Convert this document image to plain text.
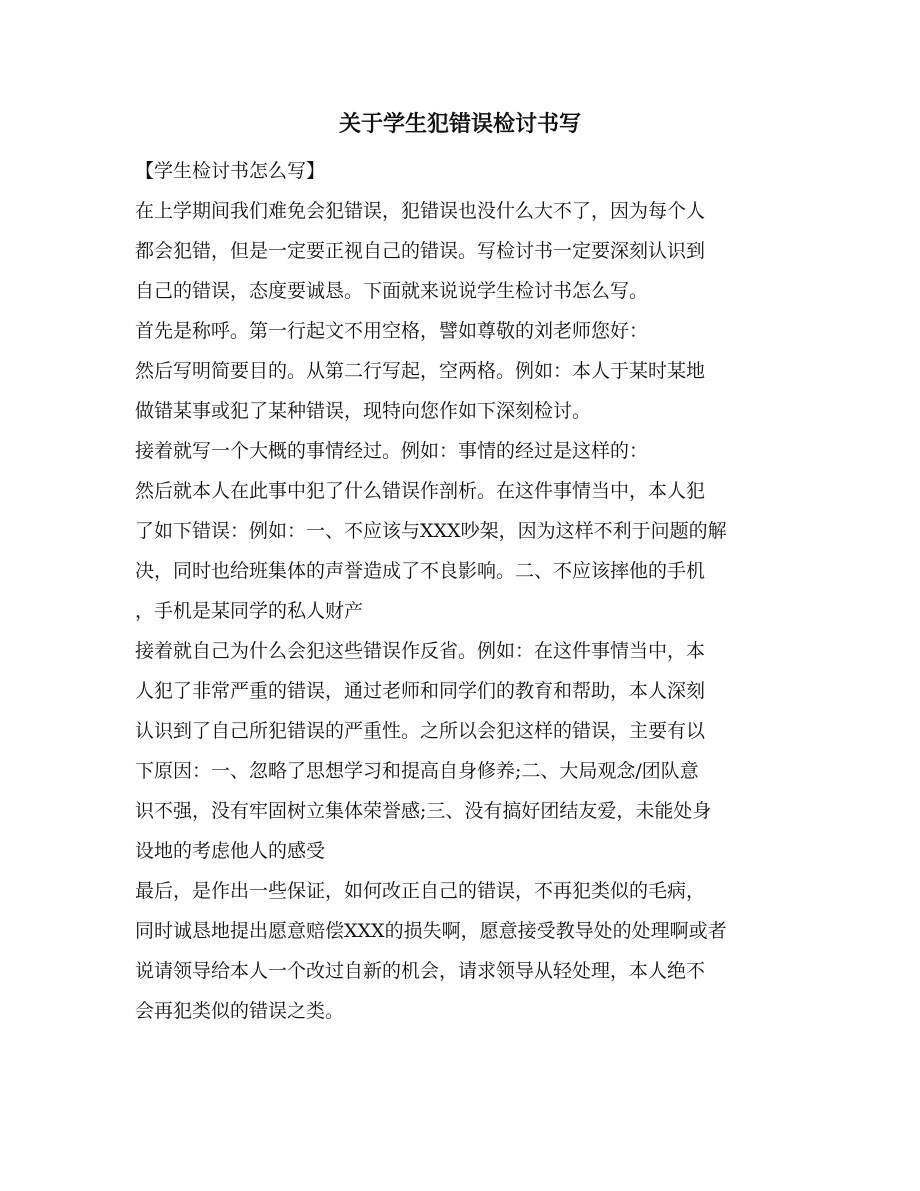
关于学生犯错误检讨书写

【学生检讨书怎么写】

在上学期间我们难免会犯错误，犯错误也没什么大不了，因为每个人
都会犯错，但是一定要正视自己的错误。写检讨书一定要深刻认识到
自己的错误，态度要诚恳。下面就来说说学生检讨书怎么写。

首先是称呼。第一行起文不用空格，譬如尊敬的刘老师您好：

然后写明简要目的。从第二行写起，空两格。例如：本人于某时某地
做错某事或犯了某种错误，现特向您作如下深刻检讨。

接着就写一个大概的事情经过。例如：事情的经过是这样的：

然后就本人在此事中犯了什么错误作剖析。在这件事情当中，本人犯
了如下错误：例如：一、不应该与XXX吵架，因为这样不利于问题的解
决，同时也给班集体的声誉造成了不良影响。二、不应该摔他的手机
，手机是某同学的私人财产

接着就自己为什么会犯这些错误作反省。例如：在这件事情当中，本
人犯了非常严重的错误，通过老师和同学们的教育和帮助，本人深刻
认识到了自己所犯错误的严重性。之所以会犯这样的错误，主要有以
下原因：一、忽略了思想学习和提高自身修养;二、大局观念/团队意
识不强，没有牢固树立集体荣誉感;三、没有搞好团结友爱，未能处身
设地的考虑他人的感受

最后，是作出一些保证，如何改正自己的错误，不再犯类似的毛病，
同时诚恳地提出愿意赔偿XXX的损失啊，愿意接受教导处的处理啊或者
说请领导给本人一个改过自新的机会，请求领导从轻处理，本人绝不
会再犯类似的错误之类。
